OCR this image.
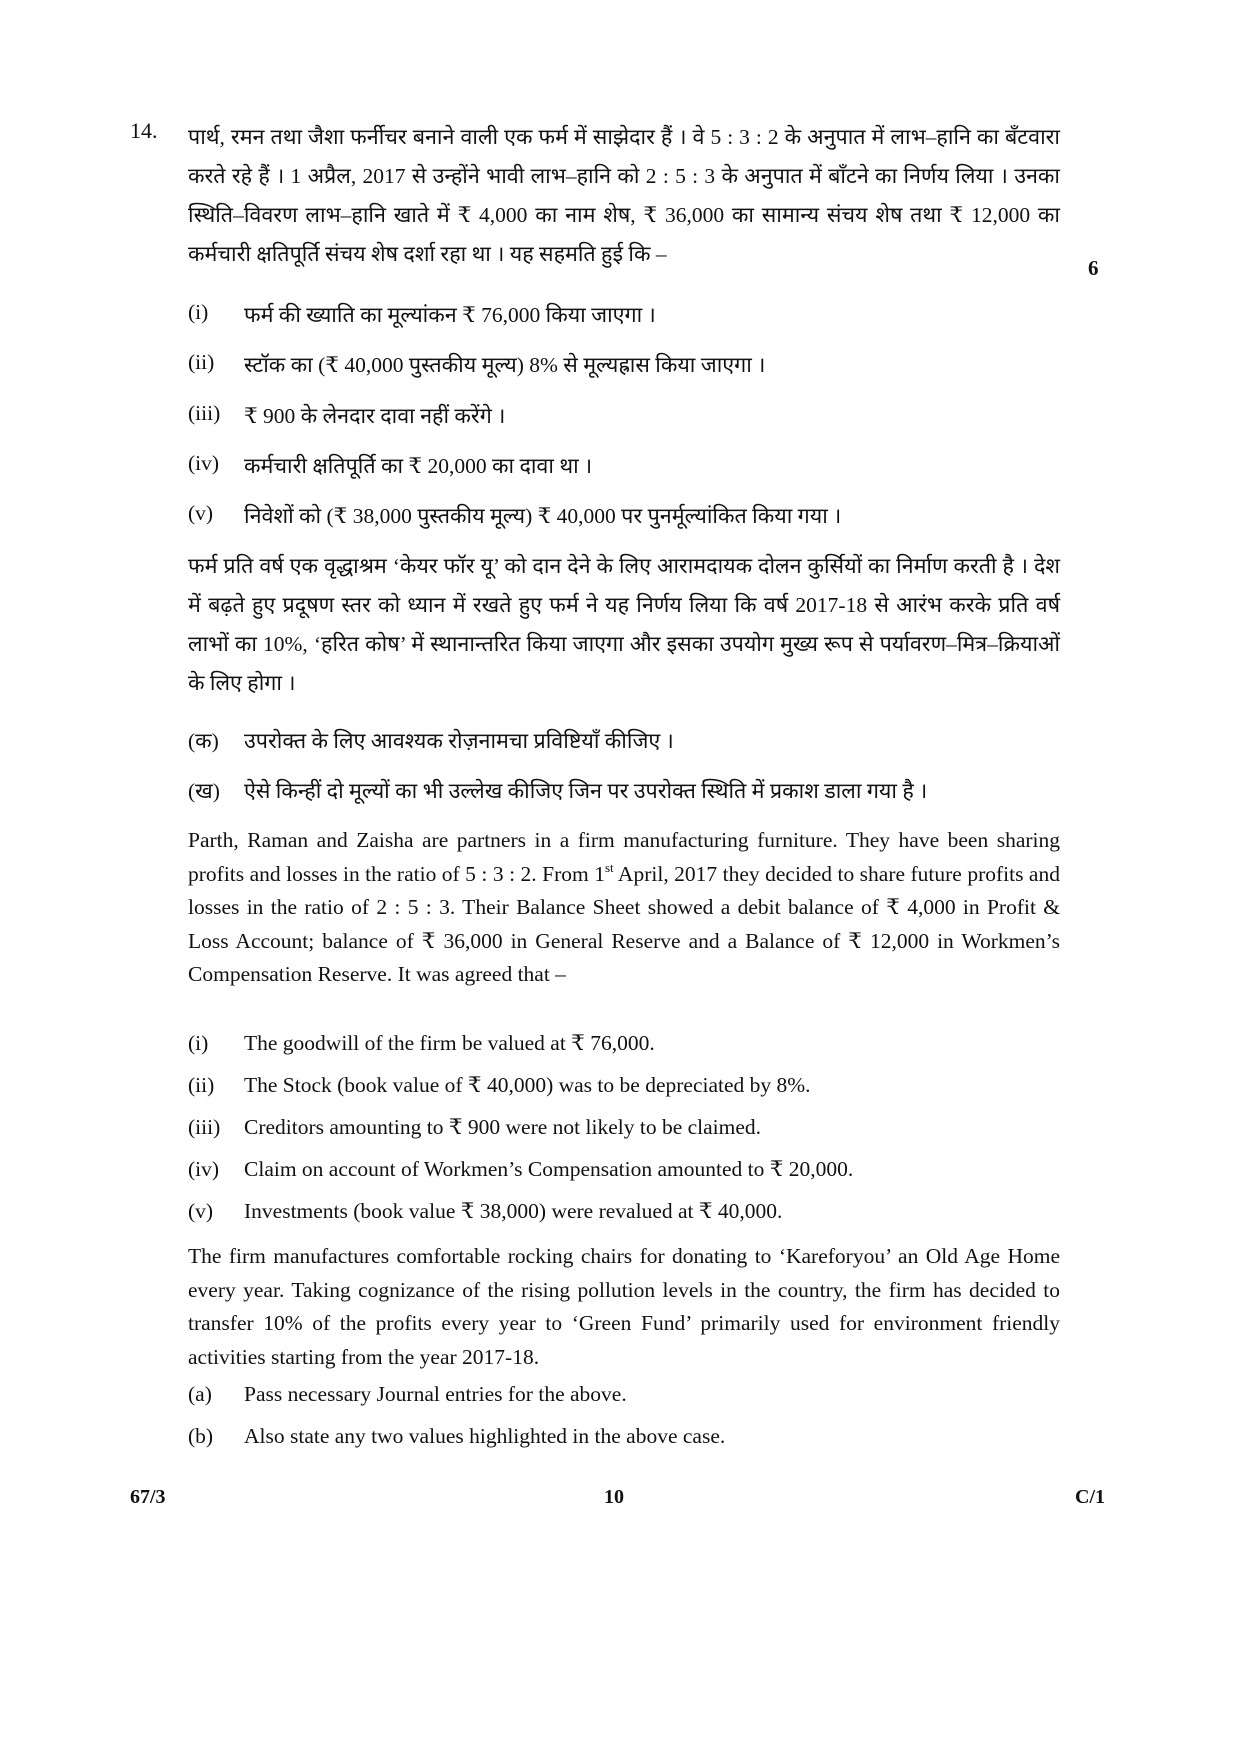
14.
6
पार्थ, रमन तथा जैशा फर्नीचर बनाने वाली एक फर्म में साझेदार हैं । वे 5 : 3 : 2 के अनुपात में लाभ–हानि का बँटवारा करते रहे हैं । 1 अप्रैल, 2017 से उन्होंने भावी लाभ–हानि को 2 : 5 : 3 के अनुपात में बाँटने का निर्णय लिया । उनका स्थिति–विवरण लाभ–हानि खाते में ₹ 4,000 का नाम शेष, ₹ 36,000 का सामान्य संचय शेष तथा ₹ 12,000 का कर्मचारी क्षतिपूर्ति संचय शेष दर्शा रहा था । यह सहमति हुई कि –
(i) फर्म की ख्याति का मूल्यांकन ₹ 76,000 किया जाएगा ।
(ii) स्टॉक का (₹ 40,000 पुस्तकीय मूल्य) 8% से मूल्यह्रास किया जाएगा ।
(iii) ₹ 900 के लेनदार दावा नहीं करेंगे ।
(iv) कर्मचारी क्षतिपूर्ति का ₹ 20,000 का दावा था ।
(v) निवेशों को (₹ 38,000 पुस्तकीय मूल्य) ₹ 40,000 पर पुनर्मूल्यांकित किया गया ।
फर्म प्रति वर्ष एक वृद्धाश्रम ‘केयर फॉर यू’ को दान देने के लिए आरामदायक दोलन कुर्सियों का निर्माण करती है । देश में बढ़ते हुए प्रदूषण स्तर को ध्यान में रखते हुए फर्म ने यह निर्णय लिया कि वर्ष 2017-18 से आरंभ करके प्रति वर्ष लाभों का 10%, ‘हरित कोष’ में स्थानान्तरित किया जाएगा और इसका उपयोग मुख्य रूप से पर्यावरण–मित्र–क्रियाओं के लिए होगा ।
(क) उपरोक्त के लिए आवश्यक रोज़नामचा प्रविष्टियाँ कीजिए ।
(ख) ऐसे किन्हीं दो मूल्यों का भी उल्लेख कीजिए जिन पर उपरोक्त स्थिति में प्रकाश डाला गया है ।
Parth, Raman and Zaisha are partners in a firm manufacturing furniture. They have been sharing profits and losses in the ratio of 5 : 3 : 2. From 1st April, 2017 they decided to share future profits and losses in the ratio of 2 : 5 : 3. Their Balance Sheet showed a debit balance of ₹ 4,000 in Profit & Loss Account; balance of ₹ 36,000 in General Reserve and a Balance of ₹ 12,000 in Workmen’s Compensation Reserve. It was agreed that –
(i) The goodwill of the firm be valued at ₹ 76,000.
(ii) The Stock (book value of ₹ 40,000) was to be depreciated by 8%.
(iii) Creditors amounting to ₹ 900 were not likely to be claimed.
(iv) Claim on account of Workmen’s Compensation amounted to ₹ 20,000.
(v) Investments (book value ₹ 38,000) were revalued at ₹ 40,000.
The firm manufactures comfortable rocking chairs for donating to ‘Kareforyou’ an Old Age Home every year. Taking cognizance of the rising pollution levels in the country, the firm has decided to transfer 10% of the profits every year to ‘Green Fund’ primarily used for environment friendly activities starting from the year 2017-18.
(a) Pass necessary Journal entries for the above.
(b) Also state any two values highlighted in the above case.
67/3	10	C/1
